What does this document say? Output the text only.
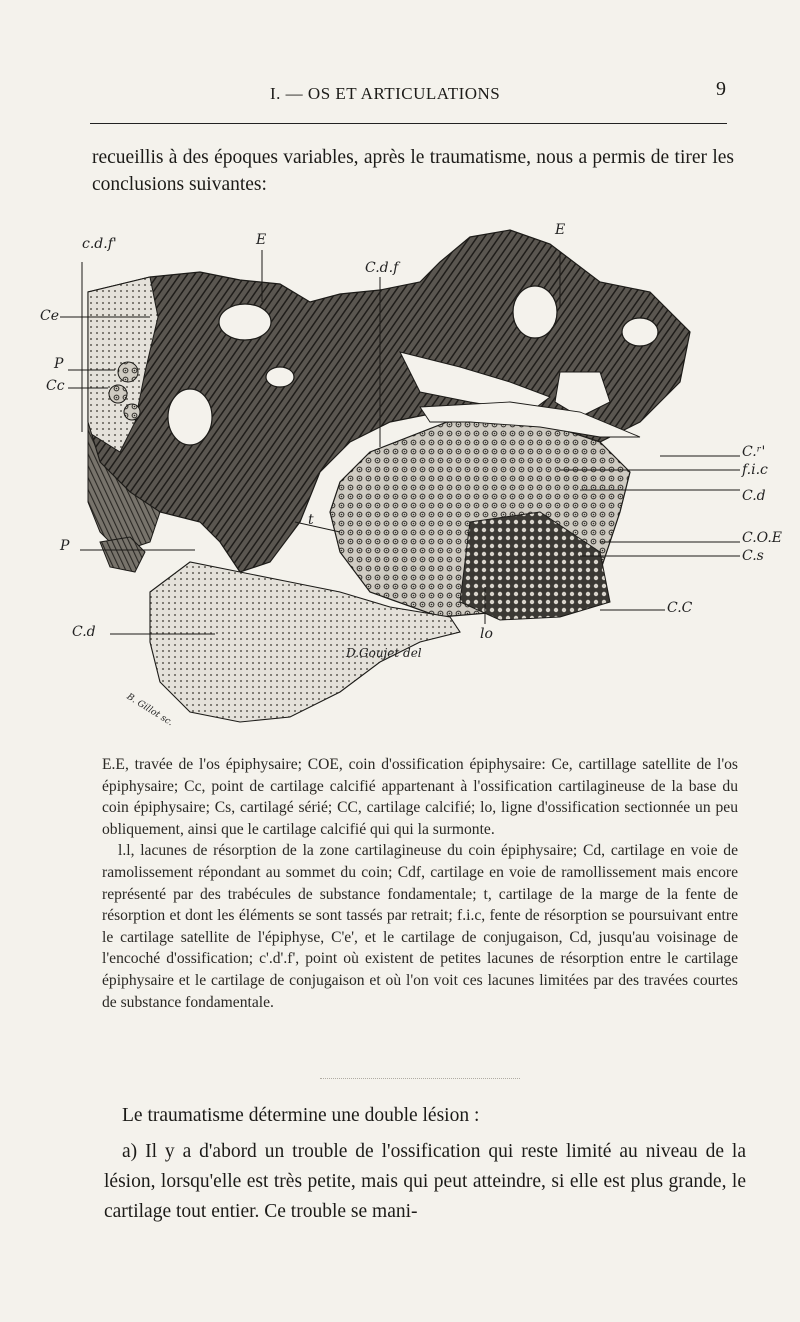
I. — OS ET ARTICULATIONS	9
recueillis à des époques variables, après le traumatisme, nous a permis de tirer les conclusions suivantes:
c.d.f'	E
C.d.f
E
Ce
P
Cc
P
C.d
C.ʳ'
f.i.c
C.d
C.O.E
C.s
C.C
lo
t
D.Goujet del
B. Gillot sc.

E.E, travée de l'os épiphysaire; COE, coin d'ossification épiphysaire: Ce, cartillage satellite de l'os épiphysaire; Cc, point de cartilage calcifié appartenant à l'ossification cartilagineuse de la base du coin épiphysaire; Cs, cartilagé sérié; CC, cartilage calcifié; lo, ligne d'ossification sectionnée un peu obliquement, ainsi que le cartilage calcifié qui qui la surmonte.

l.l, lacunes de résorption de la zone cartilagineuse du coin épiphysaire; Cd, cartilage en voie de ramolissement répondant au sommet du coin; Cdf, cartilage en voie de ramollissement mais encore représenté par des trabécules de substance fondamentale; t, cartilage de la marge de la fente de résorption et dont les éléments se sont tassés par retrait; f.i.c, fente de résorption se poursuivant entre le cartilage satellite de l'épiphyse, C'e', et le cartilage de conjugaison, Cd, jusqu'au voisinage de l'encoché d'ossification; c'.d'.f', point où existent de petites lacunes de résorption entre le cartilage épiphysaire et le cartilage de conjugaison et où l'on voit ces lacunes limitées par des travées courtes de substance fondamentale.

Le traumatisme détermine une double lésion :

a) Il y a d'abord un trouble de l'ossification qui reste limité au niveau de la lésion, lorsqu'elle est très petite, mais qui peut atteindre, si elle est plus grande, le cartilage tout entier. Ce trouble se mani-
